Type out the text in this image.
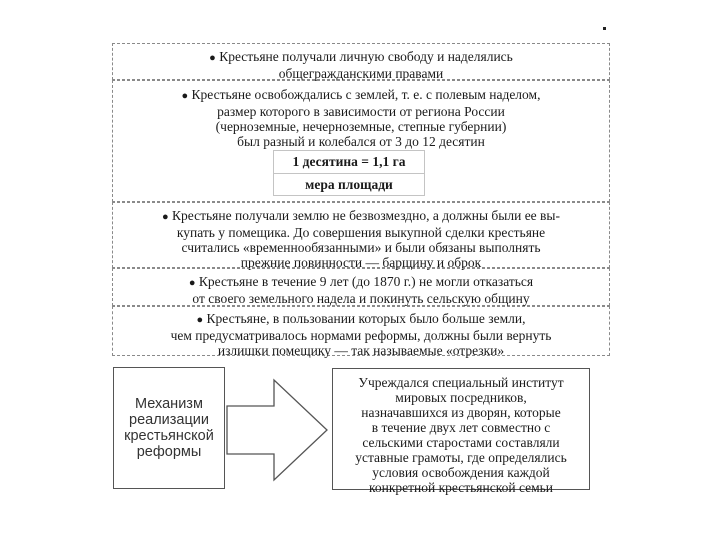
● Крестьяне получали личную свободу и наделялись

общегражданскими правами

● Крестьяне освобождались с землей, т. е. с полевым наделом,

размер которого в зависимости от региона России

(черноземные, нечерноземные, степные губернии)

был разный и колебался от 3 до 12 десятин

1 десятина = 1,1 га
мера площади

● Крестьяне получали землю не безвозмездно, а должны были ее вы-

купать у помещика. До совершения выкупной сделки крестьяне

считались «временнообязанными» и были обязаны выполнять

прежние повинности — барщину и оброк

● Крестьяне в течение 9 лет (до 1870 г.) не могли отказаться

от своего земельного надела и покинуть сельскую общину

● Крестьяне, в пользовании которых было больше земли,

чем предусматривалось нормами реформы, должны были вернуть

излишки помещику — так называемые «отрезки»

Механизм
реализации
крестьянской
реформы

Учреждался специальный институт

мировых посредников,

назначавшихся из дворян, которые

в течение двух лет совместно с

сельскими старостами составляли

уставные грамоты, где определялись

условия освобождения каждой

конкретной крестьянской семьи
